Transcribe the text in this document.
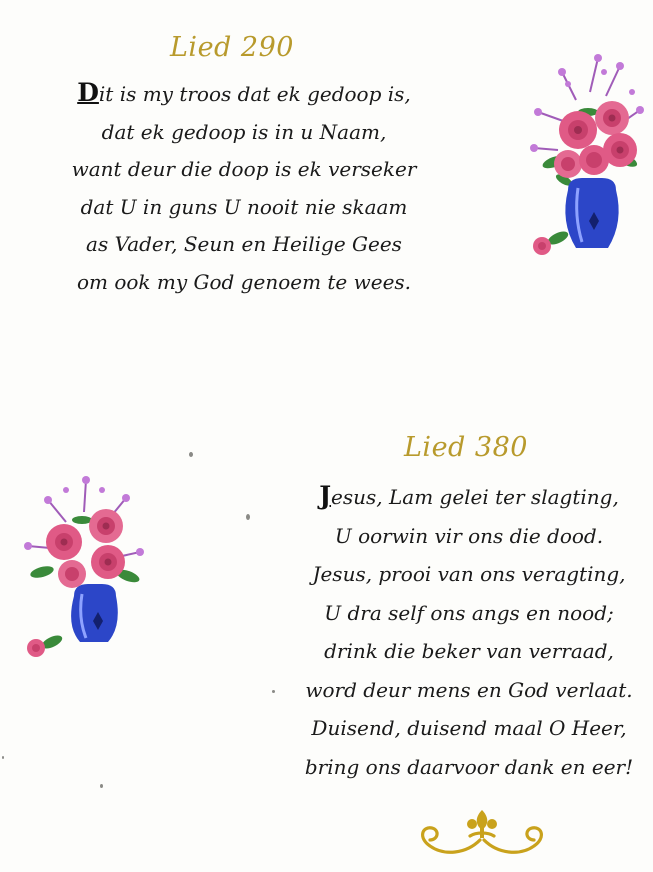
Lied 290
Dit is my troos dat ek gedoop is,
dat ek gedoop is in u Naam,
want deur die doop is ek verseker
dat U in guns U nooit nie skaam
as Vader, Seun en Heilige Gees
om ook my God genoem te wees.
Lied 380
Jesus, Lam gelei ter slagting,
U oorwin vir ons die dood.
Jesus, prooi van ons veragting,
U dra self ons angs en nood;
drink die beker van verraad,
word deur mens en God verlaat.
Duisend, duisend maal O Heer,
bring ons daarvoor dank en eer!
